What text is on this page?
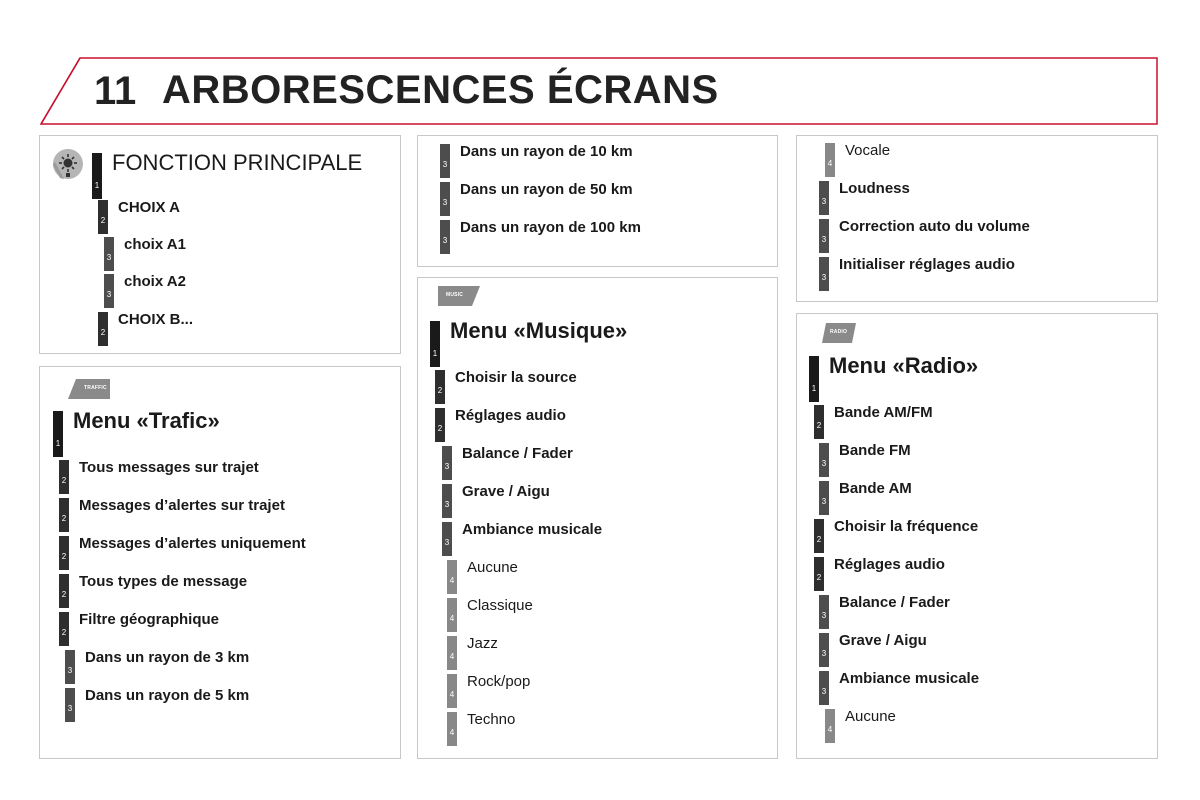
11 ARBORESCENCES ÉCRANS
1
FONCTION PRINCIPALE
2
CHOIX A
3
choix A1
3
choix A2
2
CHOIX B...
TRAFFIC
1
Menu «Trafic»
2
Tous messages sur trajet
2
Messages d’alertes sur trajet
2
Messages d’alertes uniquement
2
Tous types de message
2
Filtre géographique
3
Dans un rayon de 3 km
3
Dans un rayon de 5 km
3
Dans un rayon de 10 km
3
Dans un rayon de 50 km
3
Dans un rayon de 100 km
MUSIC
1
Menu «Musique»
2
Choisir la source
2
Réglages audio
3
Balance / Fader
3
Grave / Aigu
3
Ambiance musicale
4
Aucune
4
Classique
4
Jazz
4
Rock/pop
4
Techno
4
Vocale
3
Loudness
3
Correction auto du volume
3
Initialiser réglages audio
RADIO
1
Menu «Radio»
2
Bande AM/FM
3
Bande FM
3
Bande AM
2
Choisir la fréquence
2
Réglages audio
3
Balance / Fader
3
Grave / Aigu
3
Ambiance musicale
4
Aucune
